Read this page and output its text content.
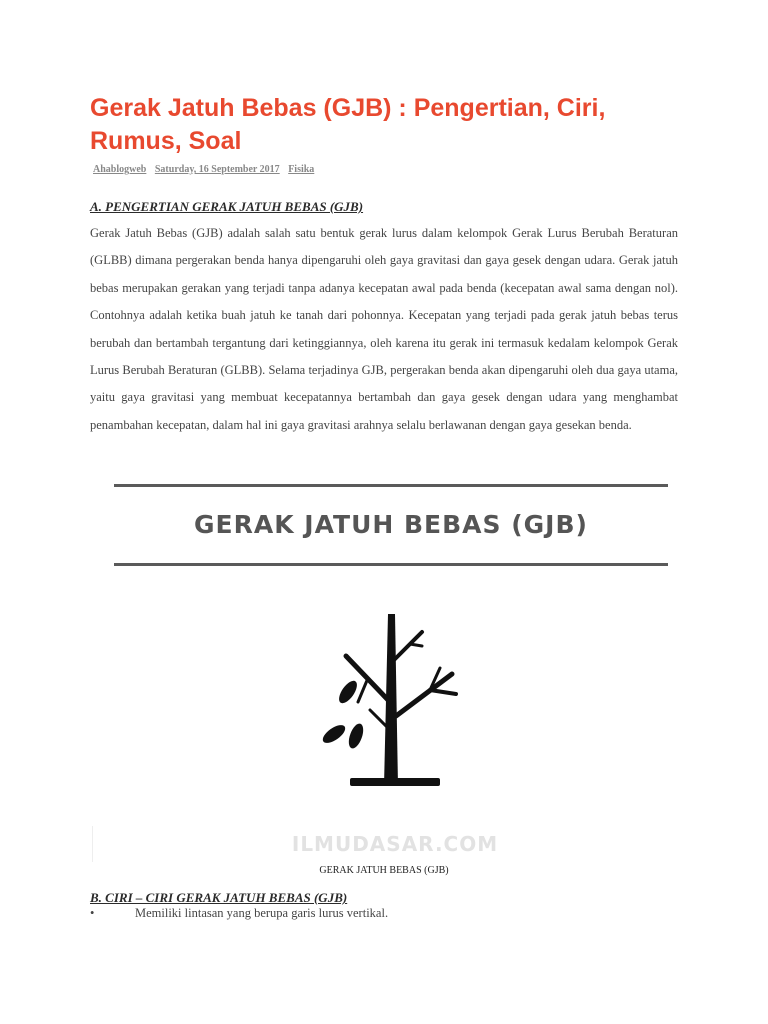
Gerak Jatuh Bebas (GJB) : Pengertian, Ciri, Rumus, Soal
Ahablogweb Saturday, 16 September 2017 Fisika
A. PENGERTIAN GERAK JATUH BEBAS (GJB)

Gerak Jatuh Bebas (GJB) adalah salah satu bentuk gerak lurus dalam kelompok Gerak Lurus Berubah Beraturan (GLBB) dimana pergerakan benda hanya dipengaruhi oleh gaya gravitasi dan gaya gesek dengan udara. Gerak jatuh bebas merupakan gerakan yang terjadi tanpa adanya kecepatan awal pada benda (kecepatan awal sama dengan nol). Contohnya adalah ketika buah jatuh ke tanah dari pohonnya. Kecepatan yang terjadi pada gerak jatuh bebas terus berubah dan bertambah tergantung dari ketinggiannya, oleh karena itu gerak ini termasuk kedalam kelompok Gerak Lurus Berubah Beraturan (GLBB). Selama terjadinya GJB, pergerakan benda akan dipengaruhi oleh dua gaya utama, yaitu gaya gravitasi yang membuat kecepatannya bertambah dan gaya gesek dengan udara yang menghambat penambahan kecepatan, dalam hal ini gaya gravitasi arahnya selalu berlawanan dengan gaya gesekan benda.

GERAK JATUH BEBAS (GJB)
ILMUDASAR.COM
GERAK JATUH BEBAS (GJB)
B. CIRI – CIRI GERAK JATUH BEBAS (GJB)
•	Memiliki lintasan yang berupa garis lurus vertikal.
